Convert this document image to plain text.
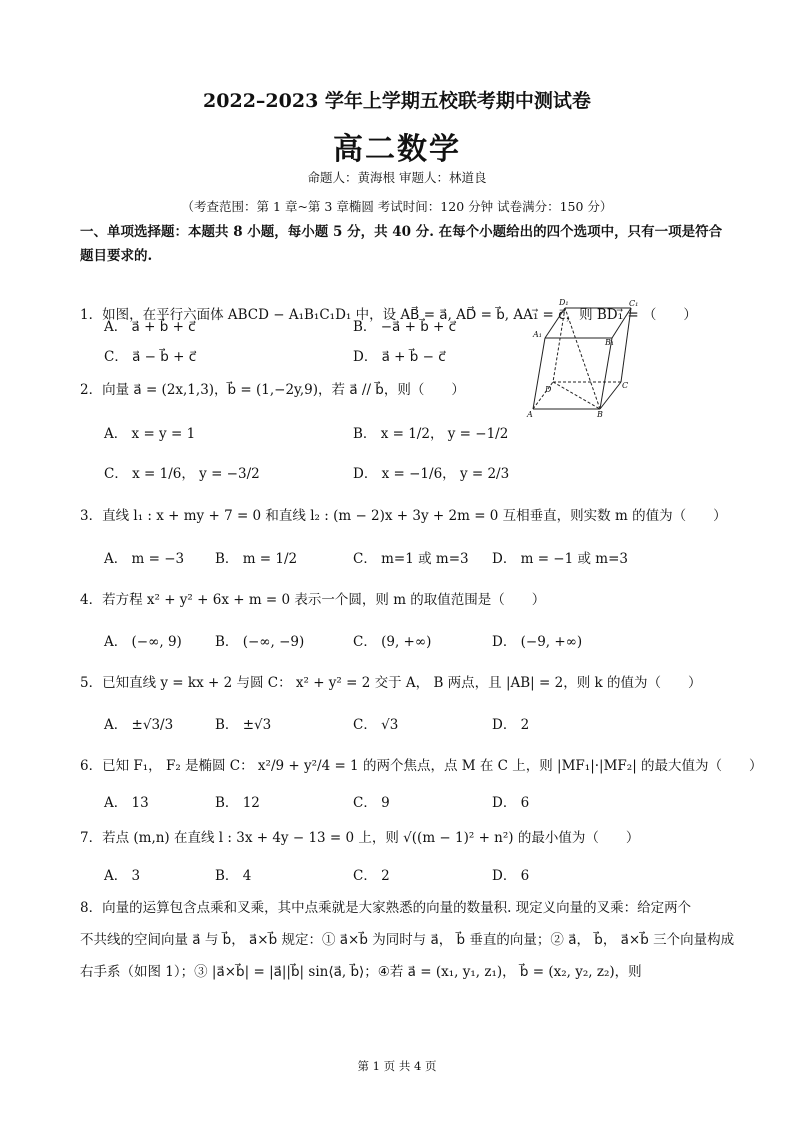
2022–2023 学年上学期五校联考期中测试卷
高二数学
命题人：黄海根 审题人：林道良
（考查范围：第 1 章~第 3 章椭圆 考试时间：120 分钟 试卷满分：150 分）
一、单项选择题：本题共 8 小题，每小题 5 分，共 40 分. 在每个小题给出的四个选项中，只有一项是符合题目要求的.
1．如图，在平行六面体 ABCD − A₁B₁C₁D₁ 中，设 AB⃗ = a⃗, AD⃗ = b⃗, AA₁⃗ = c⃗，则 BD₁⃗ = （　　）
A． a⃗ + b⃗ + c⃗	B． −a⃗ + b⃗ + c⃗
C． a⃗ − b⃗ + c⃗	D． a⃗ + b⃗ − c⃗
D₁	C₁
A₁
B₁
D	C
A	B
2．向量 a⃗ = (2x,1,3)，b⃗ = (1,−2y,9)，若 a⃗ // b⃗，则（　　）
A． x = y = 1	B． x = 1/2， y = −1/2
C． x = 1/6， y = −3/2	D． x = −1/6， y = 2/3
3．直线 l₁ : x + my + 7 = 0 和直线 l₂ : (m − 2)x + 3y + 2m = 0 互相垂直，则实数 m 的值为（　　）
A． m = −3 B． m = 1/2	C． m=1 或 m=3 D． m = −1 或 m=3
4．若方程 x² + y² + 6x + m = 0 表示一个圆，则 m 的取值范围是（　　）
A． (−∞, 9) B． (−∞, −9)	C． (9, +∞)	D． (−9, +∞)
5．已知直线 y = kx + 2 与圆 C： x² + y² = 2 交于 A， B 两点，且 |AB| = 2，则 k 的值为（　　）
A． ±√3/3	B． ±√3	C． √3	D． 2
6．已知 F₁， F₂ 是椭圆 C： x²/9 + y²/4 = 1 的两个焦点，点 M 在 C 上，则 |MF₁|·|MF₂| 的最大值为（　　）
A． 13	B． 12	C． 9	D． 6
7．若点 (m,n) 在直线 l : 3x + 4y − 13 = 0 上，则 √((m − 1)² + n²) 的最小值为（　　）
A． 3	B． 4	C． 2	D． 6
8．向量的运算包含点乘和叉乘，其中点乘就是大家熟悉的向量的数量积. 现定义向量的叉乘：给定两个
不共线的空间向量 a⃗ 与 b⃗， a⃗×b⃗ 规定：① a⃗×b⃗ 为同时与 a⃗， b⃗ 垂直的向量；② a⃗， b⃗， a⃗×b⃗ 三个向量构成
右手系（如图 1）；③ |a⃗×b⃗| = |a⃗||b⃗| sin⟨a⃗, b⃗⟩；④若 a⃗ = (x₁, y₁, z₁)， b⃗ = (x₂, y₂, z₂)，则
第 1 页 共 4 页
